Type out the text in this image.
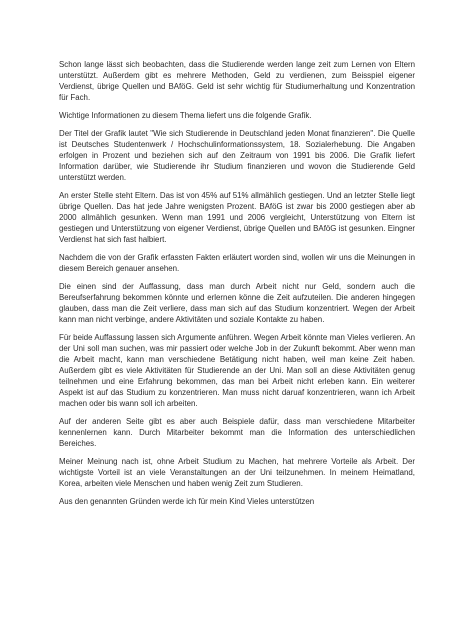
Schon lange lässt sich beobachten, dass die Studierende werden lange zeit zum Lernen von Eltern unterstützt. Außerdem gibt es mehrere Methoden, Geld zu verdienen, zum Beisspiel eigener Verdienst, übrige Quellen und BAföG. Geld ist sehr wichtig für Studiumerhaltung und Konzentration für Fach.

Wichtige Informationen zu diesem Thema liefert uns die folgende Grafik.

Der Titel der Grafik lautet "Wie sich Studierende in Deutschland jeden Monat finanzieren". Die Quelle ist Deutsches Studentenwerk / Hochschulinformationssystem, 18. Sozialerhebung. Die Angaben erfolgen in Prozent und beziehen sich auf den Zeitraum von 1991 bis 2006. Die Grafik liefert Information darüber, wie Studierende ihr Studium finanzieren und wovon die Studierende Geld unterstützt werden.

An erster Stelle steht Eltern. Das ist von 45% auf 51% allmählich gestiegen. Und an letzter Stelle liegt übrige Quellen. Das hat jede Jahre wenigsten Prozent. BAföG ist zwar bis 2000 gestiegen aber ab 2000 allmählich gesunken. Wenn man 1991 und 2006 vergleicht, Unterstützung von Eltern ist gestiegen und Unterstützung von eigener Verdienst, übrige Quellen und BAföG ist gesunken. Eingner Verdienst hat sich fast halbiert.

Nachdem die von der Grafik erfassten Fakten erläutert worden sind, wollen wir uns die Meinungen in diesem Bereich genauer ansehen.

Die einen sind der Auffassung, dass man durch Arbeit nicht nur Geld, sondern auch die Bereufserfahrung bekommen könnte und erlernen könne die Zeit aufzuteilen. Die anderen hingegen glauben, dass man die Zeit verliere, dass man sich auf das Studium konzentriert. Wegen der Arbeit kann man nicht verbinge, andere Aktivitäten und soziale Kontakte zu haben.

Für beide Auffassung lassen sich Argumente anführen. Wegen Arbeit könnte man Vieles verlieren. An der Uni soll man suchen, was mir passiert oder welche Job in der Zukunft bekommt. Aber wenn man die Arbeit macht, kann man verschiedene Betätigung nicht haben, weil man keine Zeit haben. Außerdem gibt es viele Aktivitäten für Studierende an der Uni. Man soll an diese Aktivitäten genug teilnehmen und eine Erfahrung bekommen, das man bei Arbeit nicht erleben kann. Ein weiterer Aspekt ist auf das Studium zu konzentrieren. Man muss nicht daruaf konzentrieren, wann ich Arbeit machen oder bis wann soll ich arbeiten.

Auf der anderen Seite gibt es aber auch Beispiele dafür, dass man verschiedene Mitarbeiter kennenlernen kann. Durch Mitarbeiter bekommt man die Information des unterschiedlichen Bereiches.

Meiner Meinung nach ist, ohne Arbeit Studium zu Machen, hat mehrere Vorteile als Arbeit. Der wichtigste Vorteil ist an viele Veranstaltungen an der Uni teilzunehmen. In meinem Heimatland, Korea, arbeiten viele Menschen und haben wenig Zeit zum Studieren.

Aus den genannten Gründen werde ich für mein Kind Vieles unterstützen
